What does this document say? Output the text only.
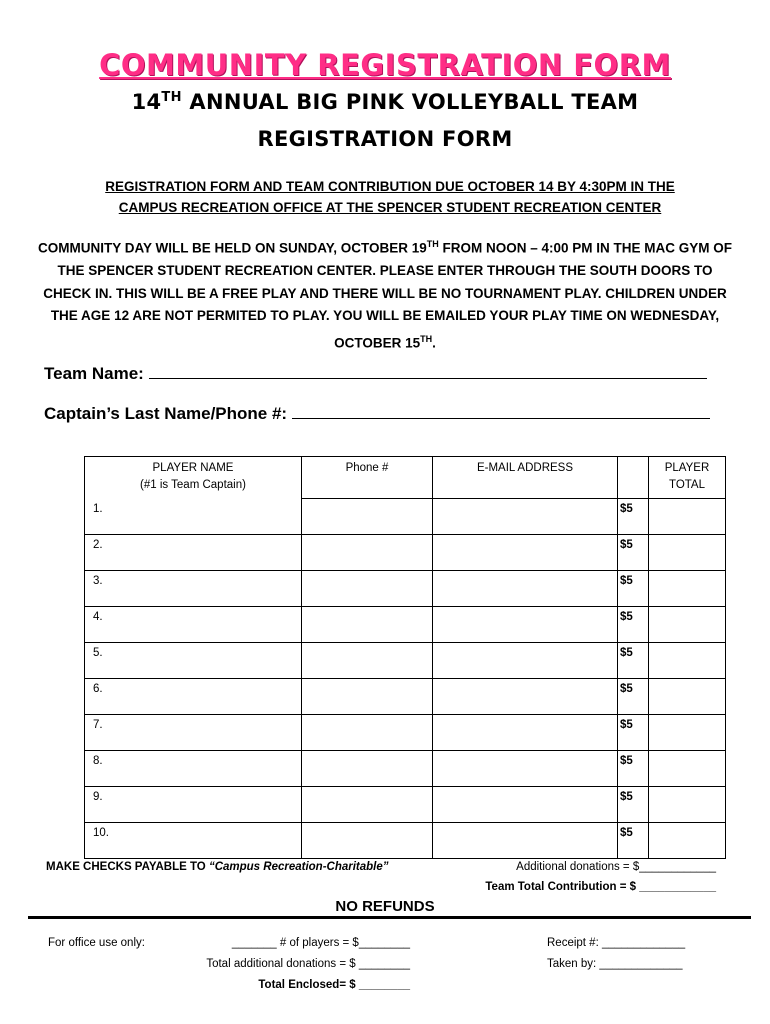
COMMUNITY REGISTRATION FORM
14TH ANNUAL BIG PINK VOLLEYBALL TEAM
REGISTRATION FORM
REGISTRATION FORM AND TEAM CONTRIBUTION DUE OCTOBER 14 BY 4:30PM IN THE
CAMPUS RECREATION OFFICE AT THE SPENCER STUDENT RECREATION CENTER
COMMUNITY DAY WILL BE HELD ON SUNDAY, OCTOBER 19TH FROM NOON – 4:00 PM IN THE MAC GYM OF THE SPENCER STUDENT RECREATION CENTER. PLEASE ENTER THROUGH THE SOUTH DOORS TO CHECK IN. THIS WILL BE A FREE PLAY AND THERE WILL BE NO TOURNAMENT PLAY. CHILDREN UNDER THE AGE 12 ARE NOT PERMITED TO PLAY. YOU WILL BE EMAILED YOUR PLAY TIME ON WEDNESDAY, OCTOBER 15TH.
Team Name:
Captain’s Last Name/Phone #:
PLAYER NAME
(#1 is Team Captain)	Phone #	E-MAIL ADDRESS		PLAYER
TOTAL

1.			$5	

2.			$5	

3.			$5	

4.			$5	

5.			$5	

6.			$5	

7.			$5	

8.			$5	

9.			$5	

10.			$5	

MAKE CHECKS PAYABLE TO “Campus Recreation-Charitable”	Additional donations = $____________
Team Total Contribution = $ ____________
NO REFUNDS
For office use only:	_______ # of players = $________
Total additional donations = $ ________
Total Enclosed= $ ________
Receipt #: _____________
Taken by: _____________
